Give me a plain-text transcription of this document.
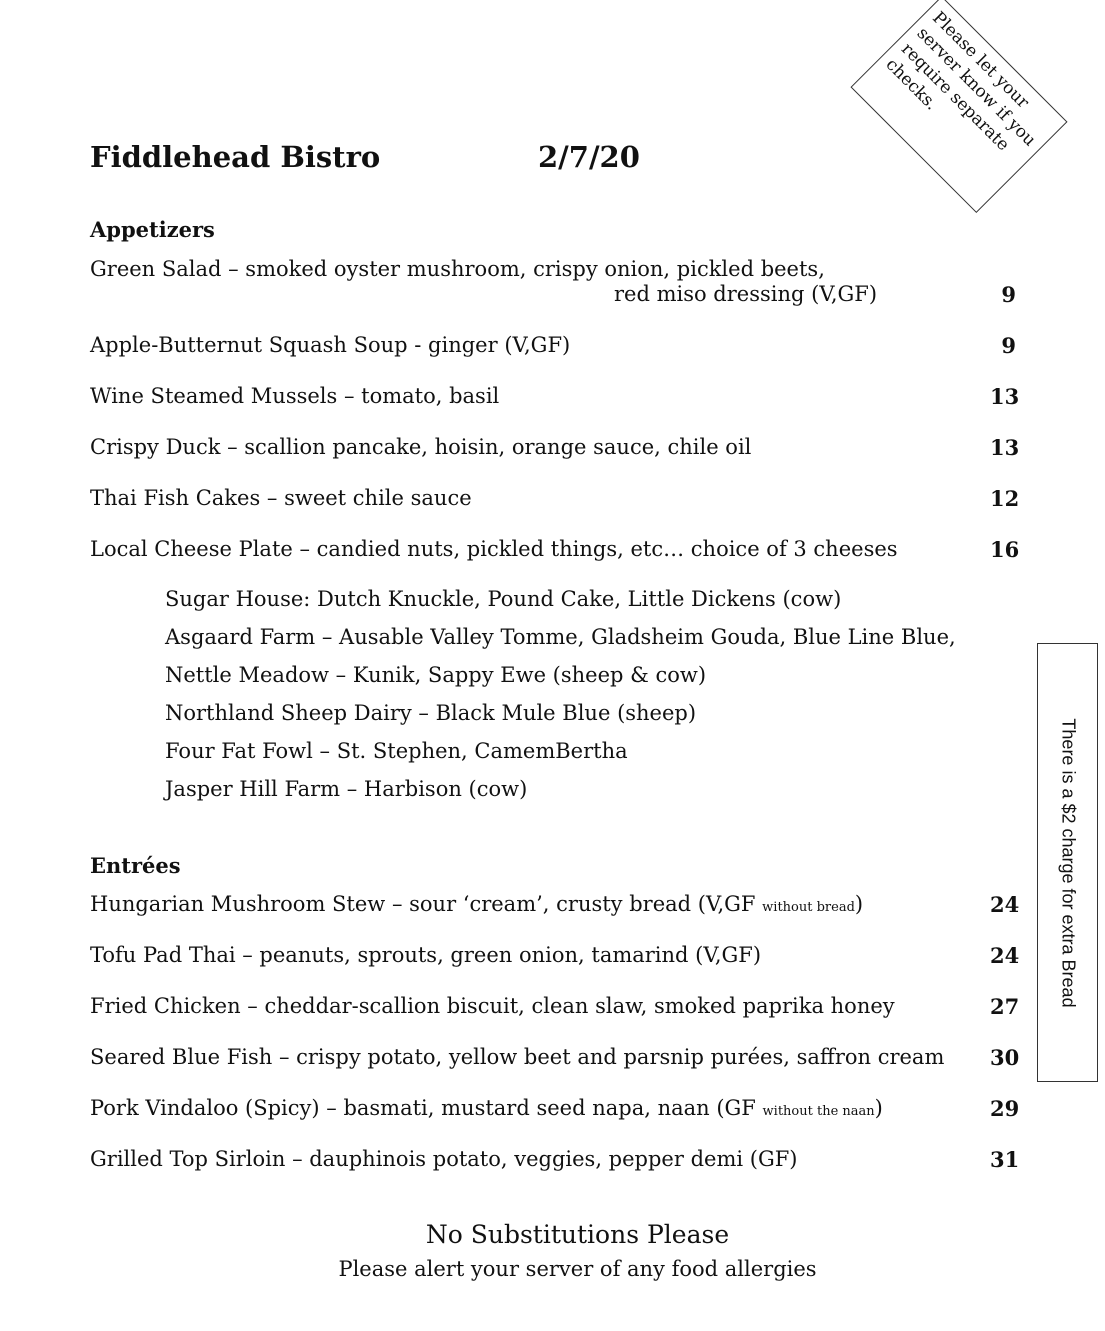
Fiddlehead Bistro	2/7/20
Please let your server know if you require separate checks.
There is a $2 charge for extra Bread
Appetizers
Green Salad – smoked oyster mushroom, crispy onion, pickled beets,
red miso dressing (V,GF)	9
Apple-Butternut Squash Soup - ginger (V,GF)	9
Wine Steamed Mussels – tomato, basil	13
Crispy Duck – scallion pancake, hoisin, orange sauce, chile oil	13
Thai Fish Cakes – sweet chile sauce	12
Local Cheese Plate – candied nuts, pickled things, etc… choice of 3 cheeses	16
Sugar House: Dutch Knuckle, Pound Cake, Little Dickens (cow)
Asgaard Farm – Ausable Valley Tomme, Gladsheim Gouda, Blue Line Blue,
Nettle Meadow – Kunik, Sappy Ewe (sheep & cow)
Northland Sheep Dairy – Black Mule Blue (sheep)
Four Fat Fowl – St. Stephen, CamemBertha
Jasper Hill Farm – Harbison (cow)
Entrées
Hungarian Mushroom Stew – sour ‘cream’, crusty bread (V,GF without bread)	24
Tofu Pad Thai – peanuts, sprouts, green onion, tamarind (V,GF)	24
Fried Chicken – cheddar-scallion biscuit, clean slaw, smoked paprika honey	27
Seared Blue Fish – crispy potato, yellow beet and parsnip purées, saffron cream 30
Pork Vindaloo (Spicy) – basmati, mustard seed napa, naan (GF without the naan)	29
Grilled Top Sirloin – dauphinois potato, veggies, pepper demi (GF)	31
No Substitutions Please
Please alert your server of any food allergies
